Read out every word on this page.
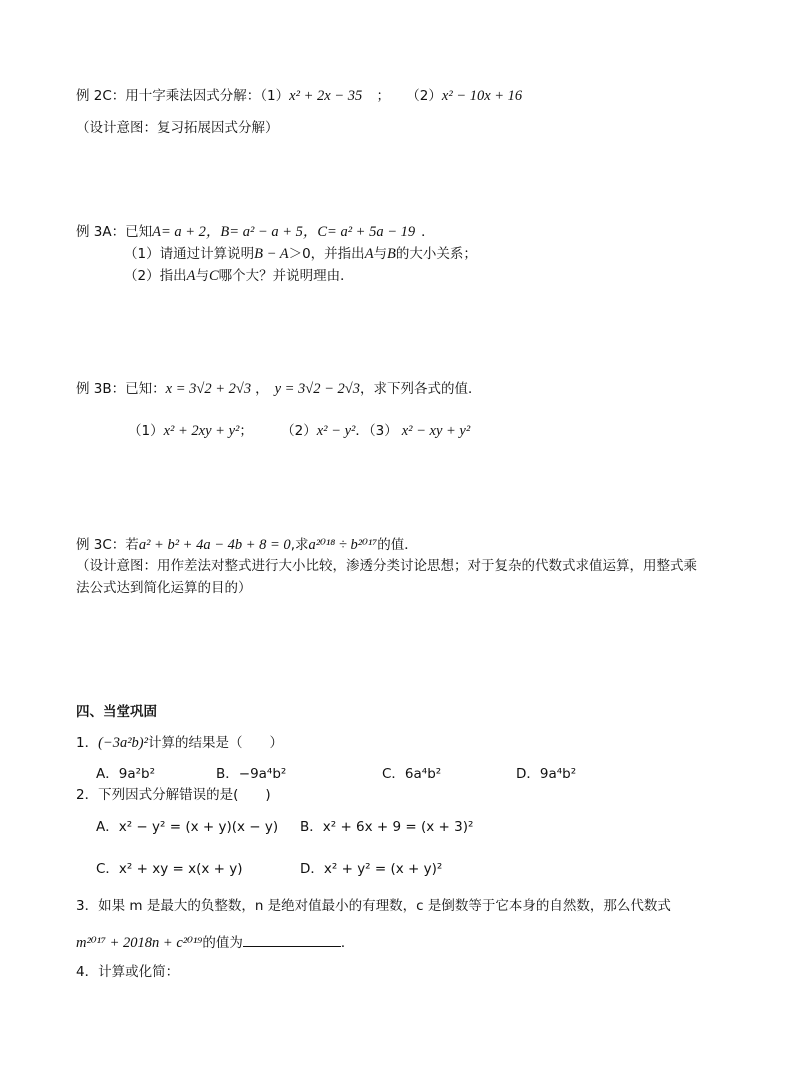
例 2C：用十字乘法因式分解：（1）x² + 2x − 35 ； （2）x² − 10x + 16
（设计意图：复习拓展因式分解）
例 3A：已知A= a + 2，B= a² − a + 5，C= a² + 5a − 19 ．
（1）请通过计算说明B − A＞0，并指出A与B的大小关系；
（2）指出A与C哪个大？并说明理由．
例 3B：已知：x = 3√2 + 2√3 ， y = 3√2 − 2√3，求下列各式的值．
（1）x² + 2xy + y²； （2）x² − y²．（3） x² − xy + y²
例 3C：若a² + b² + 4a − 4b + 8 = 0,求a²⁰¹⁸ ÷ b²⁰¹⁷的值．
（设计意图：用作差法对整式进行大小比较，渗透分类讨论思想；对于复杂的代数式求值运算，用整式乘
法公式达到简化运算的目的）
四、当堂巩固
1．(−3a²b)²计算的结果是（　　）
A．9a²b²	B．−9a⁴b²	C．6a⁴b²	D．9a⁴b²
2．下列因式分解错误的是(　　)
A．x² − y² = (x + y)(x − y) B．x² + 6x + 9 = (x + 3)²
C．x² + xy = x(x + y)	D．x² + y² = (x + y)²
3．如果 m 是最大的负整数，n 是绝对值最小的有理数，c 是倒数等于它本身的自然数，那么代数式
m²⁰¹⁷ + 2018n + c²⁰¹⁹的值为	．
4．计算或化简：
